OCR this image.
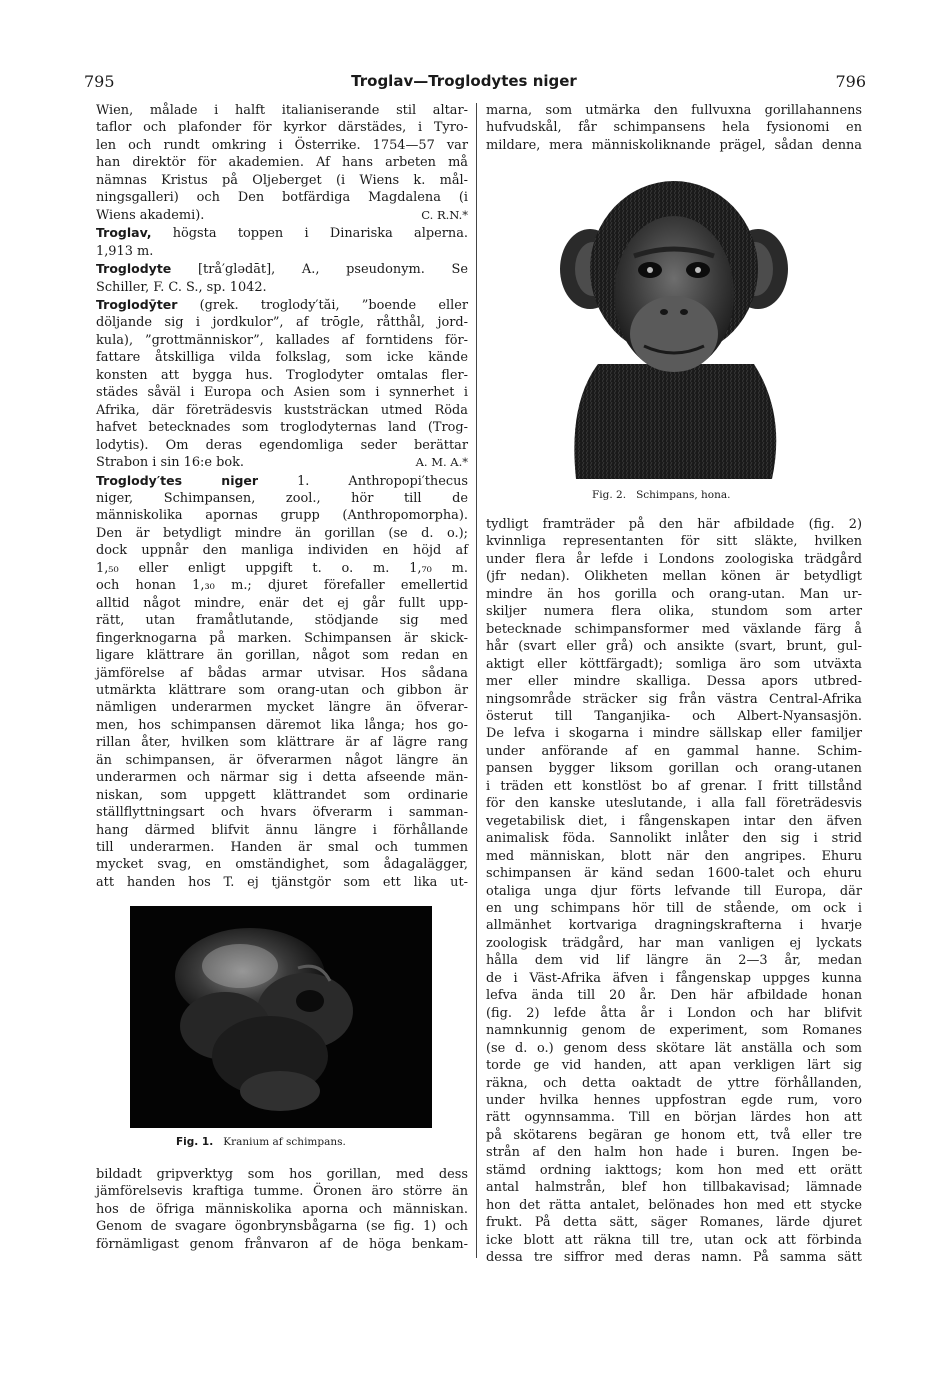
795	Troglav—Troglodytes niger	796
Wien, målade i halft italianiserande stil altar-
taflor och plafonder för kyrkor därstädes, i Tyro-
len och rundt omkring i Österrike. 1754—57 var
han direktör för akademien. Af hans arbeten må
nämnas Kristus på Oljeberget (i Wiens k. mål-
ningsgalleri) och Den botfärdiga Magdalena (i
Wiens akademi).	C. R.N.*
Troglav, högsta toppen i Dinariska alperna.
1,913 m.
Troglodyte [trå′glədāt], A., pseudonym. Se
Schiller, F. C. S., sp. 1042.
Troglodȳter (grek. troglody′tăi, ”boende eller
döljande sig i jordkulor”, af trōgle, råtthål, jord-
kula), ”grottmänniskor”, kallades af forntidens för-
fattare åtskilliga vilda folkslag, som icke kände
konsten att bygga hus. Troglodyter omtalas fler-
städes såväl i Europa och Asien som i synnerhet i
Afrika, där företrädesvis kuststräckan utmed Röda
hafvet betecknades som troglodyternas land (Trog-
lodytis). Om deras egendomliga seder berättar
Strabon i sin 16:e bok.	A. M. A.*
Troglody′tes niger 1. Anthropopi′thecus
niger, Schimpansen, zool., hör till de
människolika apornas grupp (Anthropomorpha).
Den är betydligt mindre än gorillan (se d. o.);
dock uppnår den manliga individen en höjd af
1,₅₀ eller enligt uppgift t. o. m. 1,₇₀ m.
och honan 1,₃₀ m.; djuret förefaller emellertid
alltid något mindre, enär det ej går fullt upp-
rätt, utan framåtlutande, stödjande sig med
fingerknogarna på marken. Schimpansen är skick-
ligare klättrare än gorillan, något som redan en
jämförelse af bådas armar utvisar. Hos sådana
utmärkta klättrare som orang-utan och gibbon är
nämligen underarmen mycket längre än öfverar-
men, hos schimpansen däremot lika långa; hos go-
rillan åter, hvilken som klättrare är af lägre rang
än schimpansen, är öfverarmen något längre än
underarmen och närmar sig i detta afseende män-
niskan, som uppgett klättrandet som ordinarie
ställflyttningsart och hvars öfverarm i samman-
hang därmed blifvit ännu längre i förhållande
till underarmen. Handen är smal och tummen
mycket svag, en omständighet, som ådagalägger,
att handen hos T. ej tjänstgör som ett lika ut-
Fig. 1. Kranium af schimpans.
bildadt gripverktyg som hos gorillan, med dess
jämförelsevis kraftiga tumme. Öronen äro större än
hos de öfriga människolika aporna och människan.
Genom de svagare ögonbrynsbågarna (se fig. 1) och
förnämligast genom frånvaron af de höga benkam-
marna, som utmärka den fullvuxna gorillahannens
hufvudskål, får schimpansens hela fysionomi en
mildare, mera människoliknande prägel, sådan denna
Fig. 2. Schimpans, hona.
tydligt framträder på den här afbildade (fig. 2)
kvinnliga representanten för sitt släkte, hvilken
under flera år lefde i Londons zoologiska trädgård
(jfr nedan). Olikheten mellan könen är betydligt
mindre än hos gorilla och orang-utan. Man ur-
skiljer numera flera olika, stundom som arter
betecknade schimpansformer med växlande färg å
hår (svart eller grå) och ansikte (svart, brunt, gul-
aktigt eller köttfärgadt); somliga äro som utväxta
mer eller mindre skalliga. Dessa apors utbred-
ningsområde sträcker sig från västra Central-Afrika
österut till Tanganjika- och Albert-Nyansasjön.
De lefva i skogarna i mindre sällskap eller familjer
under anförande af en gammal hanne. Schim-
pansen bygger liksom gorillan och orang-utanen
i träden ett konstlöst bo af grenar. I fritt tillstånd
för den kanske uteslutande, i alla fall företrädesvis
vegetabilisk diet, i fångenskapen intar den äfven
animalisk föda. Sannolikt inlåter den sig i strid
med människan, blott när den angripes. Ehuru
schimpansen är känd sedan 1600-talet och ehuru
otaliga unga djur förts lefvande till Europa, där
en ung schimpans hör till de stående, om ock i
allmänhet kortvariga dragningskrafterna i hvarje
zoologisk trädgård, har man vanligen ej lyckats
hålla dem vid lif längre än 2—3 år, medan
de i Väst-Afrika äfven i fångenskap uppges kunna
lefva ända till 20 år. Den här afbildade honan
(fig. 2) lefde åtta år i London och har blifvit
namnkunnig genom de experiment, som Romanes
(se d. o.) genom dess skötare lät anställa och som
torde ge vid handen, att apan verkligen lärt sig
räkna, och detta oaktadt de yttre förhållanden,
under hvilka hennes uppfostran egde rum, voro
rätt ogynnsamma. Till en början lärdes hon att
på skötarens begäran ge honom ett, två eller tre
strån af den halm hon hade i buren. Ingen be-
stämd ordning iakttogs; kom hon med ett orätt
antal halmstrån, blef hon tillbakavisad; lämnade
hon det rätta antalet, belönades hon med ett stycke
frukt. På detta sätt, säger Romanes, lärde djuret
icke blott att räkna till tre, utan ock att förbinda
dessa tre siffror med deras namn. På samma sätt
